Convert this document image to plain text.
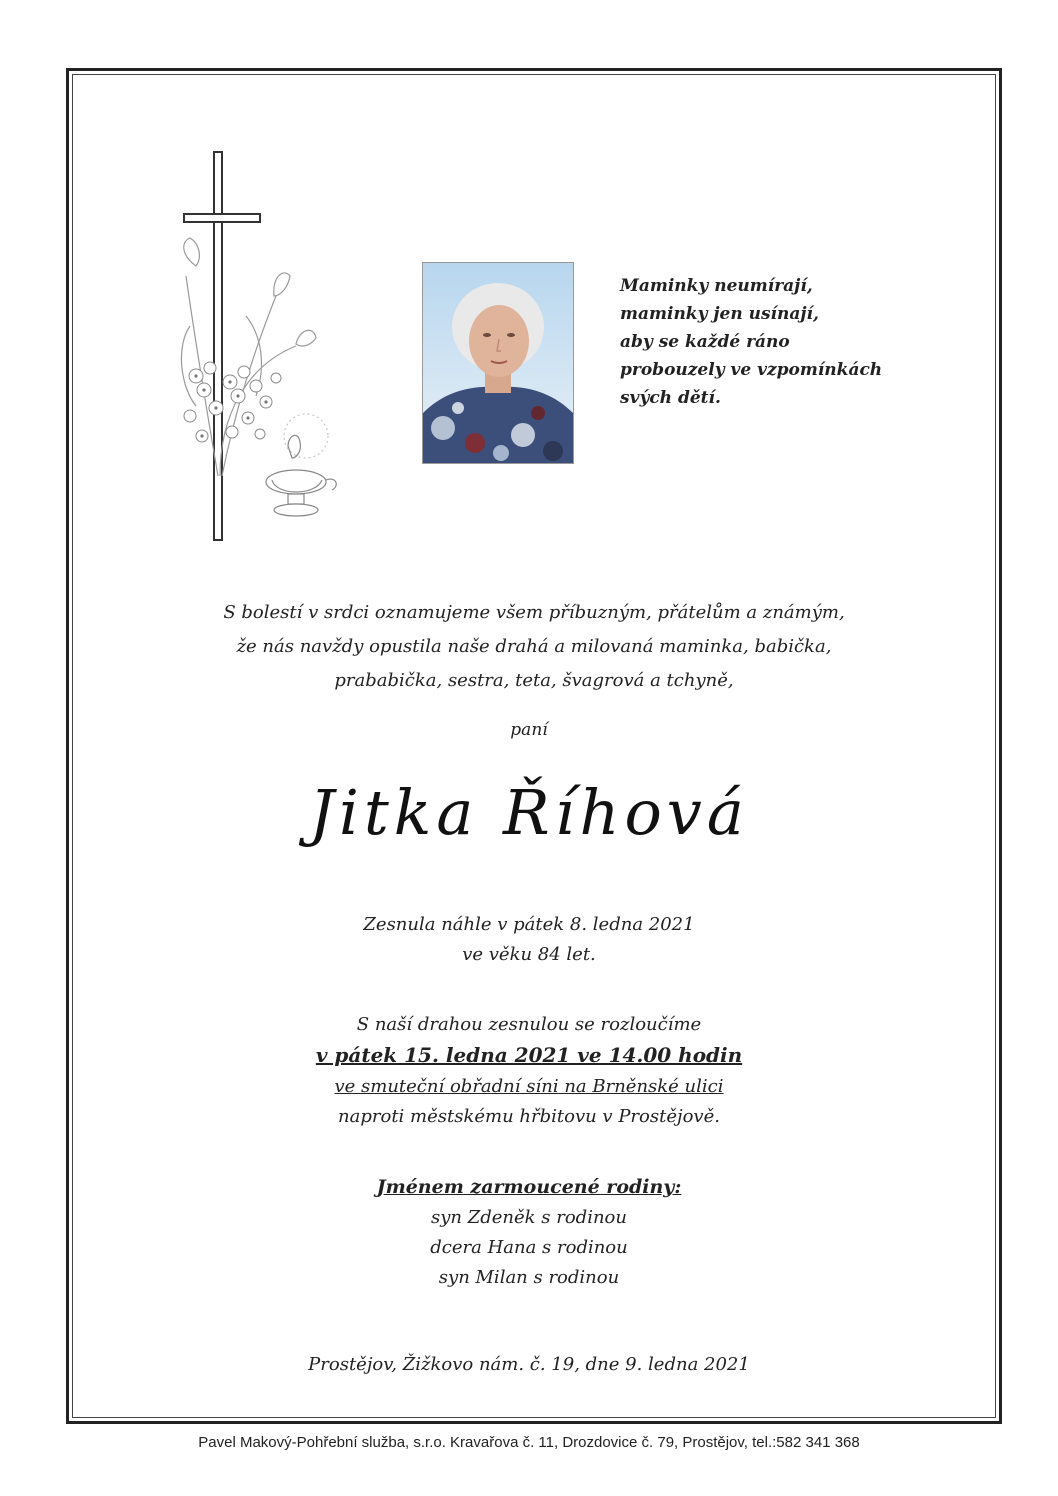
Maminky neumírají,
maminky jen usínají,
aby se každé ráno
probouzely ve vzpomínkách
svých dětí.
S bolestí v srdci oznamujeme všem příbuzným, přátelům a známým,
že nás navždy opustila naše drahá a milovaná maminka, babička,
prababička, sestra, teta, švagrová a tchyně,
paní
Jitka Říhová
Zesnula náhle v pátek 8. ledna 2021
ve věku 84 let.
S naší drahou zesnulou se rozloučíme
v pátek 15. ledna 2021 ve 14.00 hodin
ve smuteční obřadní síni na Brněnské ulici
naproti městskému hřbitovu v Prostějově.
Jménem zarmoucené rodiny:
syn Zdeněk s rodinou
dcera Hana s rodinou
syn Milan s rodinou
Prostějov, Žižkovo nám. č. 19, dne 9. ledna 2021
Pavel Makový-Pohřební služba, s.r.o. Kravařova č. 11, Drozdovice č. 79, Prostějov, tel.:582 341 368
